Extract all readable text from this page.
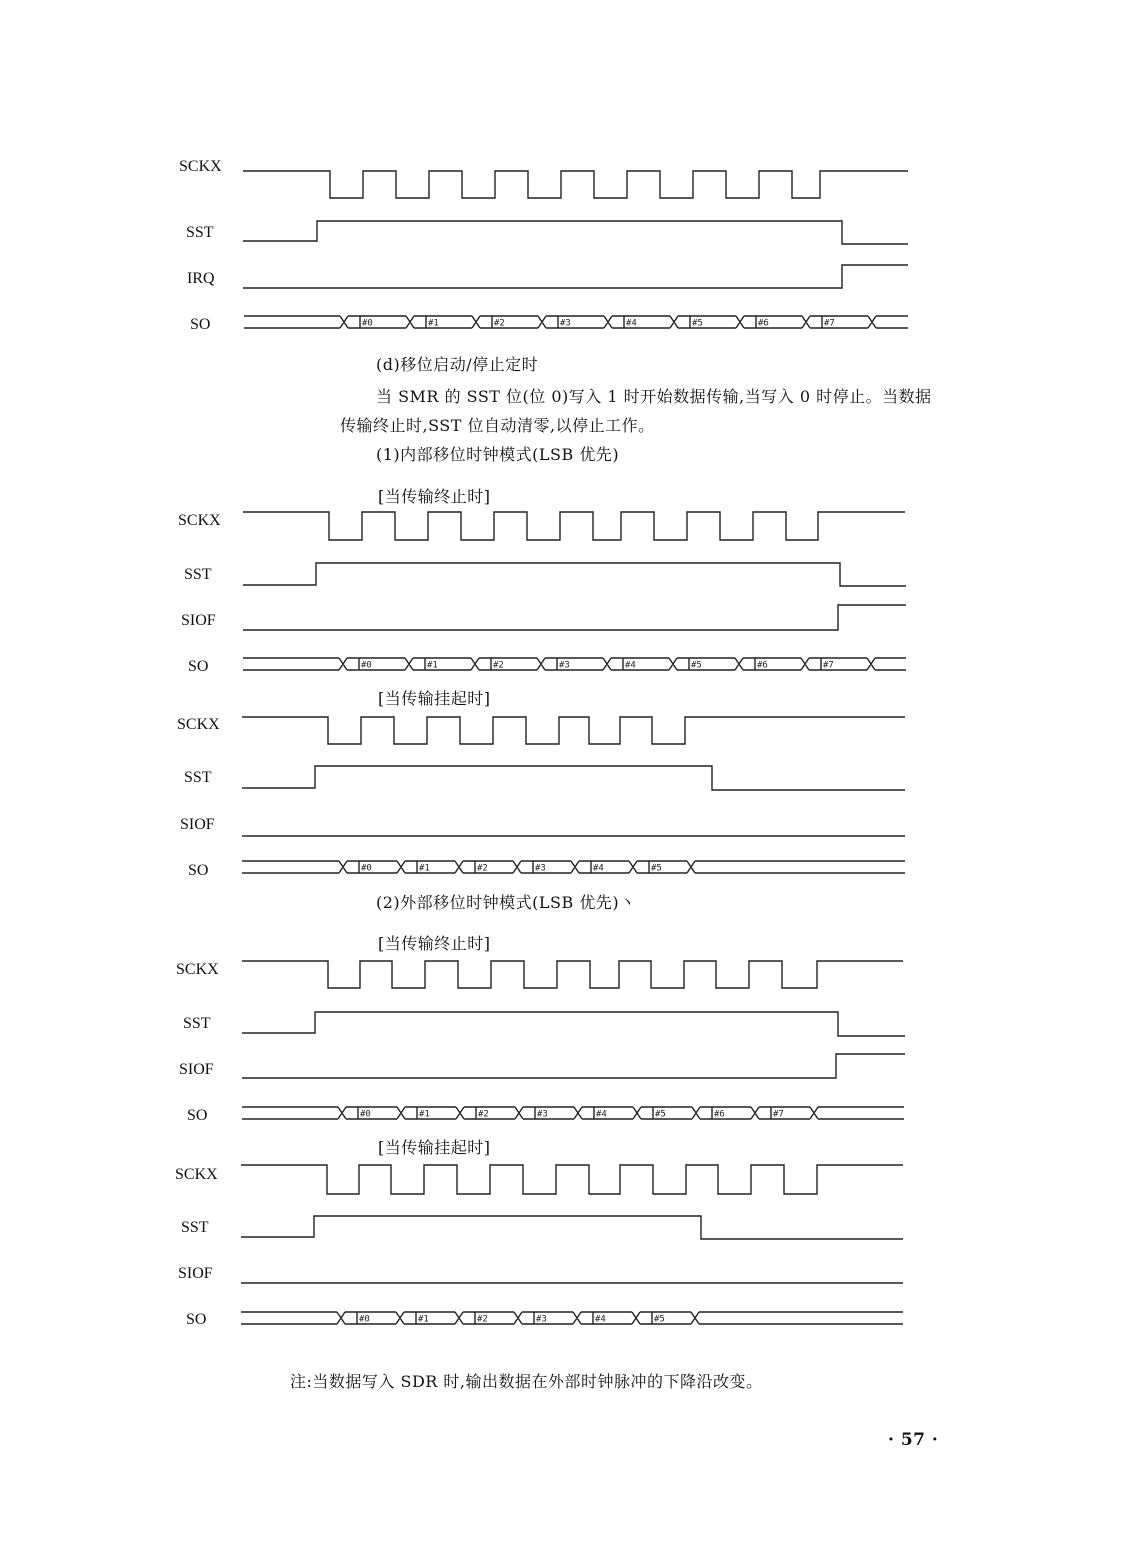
SCKX
SST
IRQ
SO
(d)移位启动/停止定时
当 SMR 的 SST 位(位 0)写入 1 时开始数据传输,当写入 0 时停止。当数据
传输终止时,SST 位自动清零,以停止工作。
(1)内部移位时钟模式(LSB 优先)
[当传输终止时]
SCKX
SST
SIOF
SO
[当传输挂起时]
SCKX
SST
SIOF
SO
(2)外部移位时钟模式(LSB 优先)丶
[当传输终止时]
SCKX
SST
SIOF
SO
[当传输挂起时]
SCKX
SST
SIOF
SO
注:当数据写入 SDR 时,输出数据在外部时钟脉冲的下降沿改变。
· 57 ·
#0	#1	#2	#3	#4	#5	#6	#7
#0	#1	#2	#3	#4	#5	#6	#7
#0	#1	#2	#3	#4	#5
#0	#1	#2	#3	#4	#5	#6	#7
#0	#1	#2	#3	#4	#5
